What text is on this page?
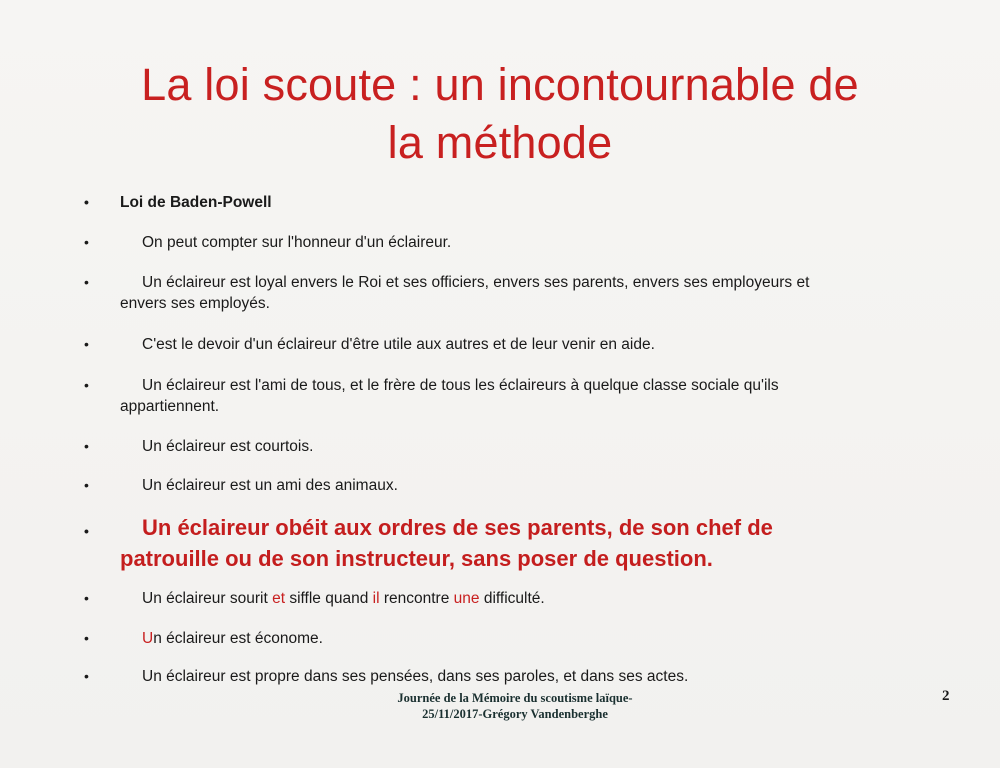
La loi scoute : un incontournable de
la méthode
• Loi de Baden-Powell
•	On peut compter sur l'honneur d'un éclaireur.
•	Un éclaireur est loyal envers le Roi et ses officiers, envers ses parents, envers ses employeurs et
envers ses employés.
•	C'est le devoir d'un éclaireur d'être utile aux autres et de leur venir en aide.
•	Un éclaireur est l'ami de tous, et le frère de tous les éclaireurs à quelque classe sociale qu'ils
appartiennent.
•	Un éclaireur est courtois.
•	Un éclaireur est un ami des animaux.
•	Un éclaireur obéit aux ordres de ses parents, de son chef de
patrouille ou de son instructeur, sans poser de question.
•	Un éclaireur sourit et siffle quand il rencontre une difficulté.
•	Un éclaireur est économe.
•	Un éclaireur est propre dans ses pensées, dans ses paroles, et dans ses actes.
Journée de la Mémoire du scoutisme laïque-
25/11/2017-Grégory Vandenberghe
2
